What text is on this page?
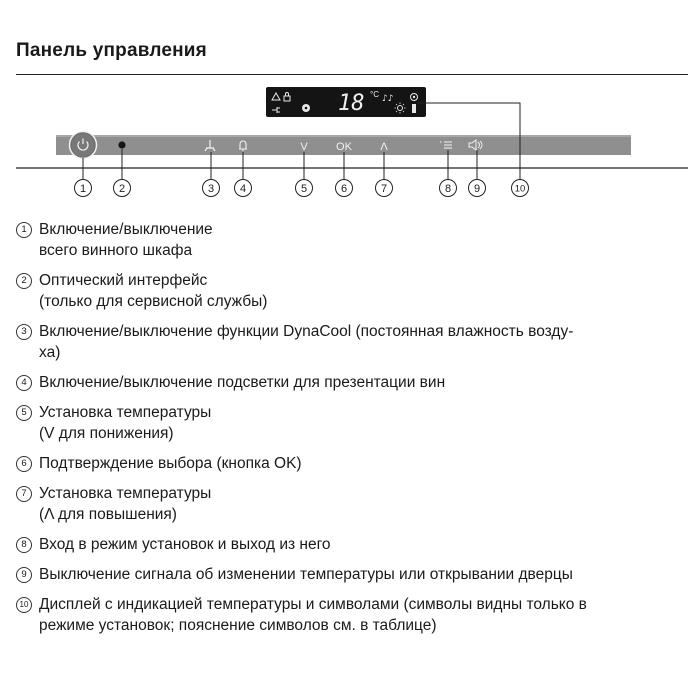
Панель управления
18 °C ♪♪
V	OK	Λ
1	2	3 4	5	6	7	8 9	10
1 Включение/выключение
всего винного шкафа
2 Оптический интерфейс
(только для сервисной службы)
3 Включение/выключение функции DynaCool (постоянная влажность возду-
ха)
4 Включение/выключение подсветки для презентации вин
5 Установка температуры
(V для понижения)
6 Подтверждение выбора (кнопка OK)
7 Установка температуры
(Λ для повышения)
8 Вход в режим установок и выход из него
9 Выключение сигнала об изменении температуры или открывании дверцы
10 Дисплей с индикацией температуры и символами (символы видны только в
режиме установок; пояснение символов см. в таблице)
